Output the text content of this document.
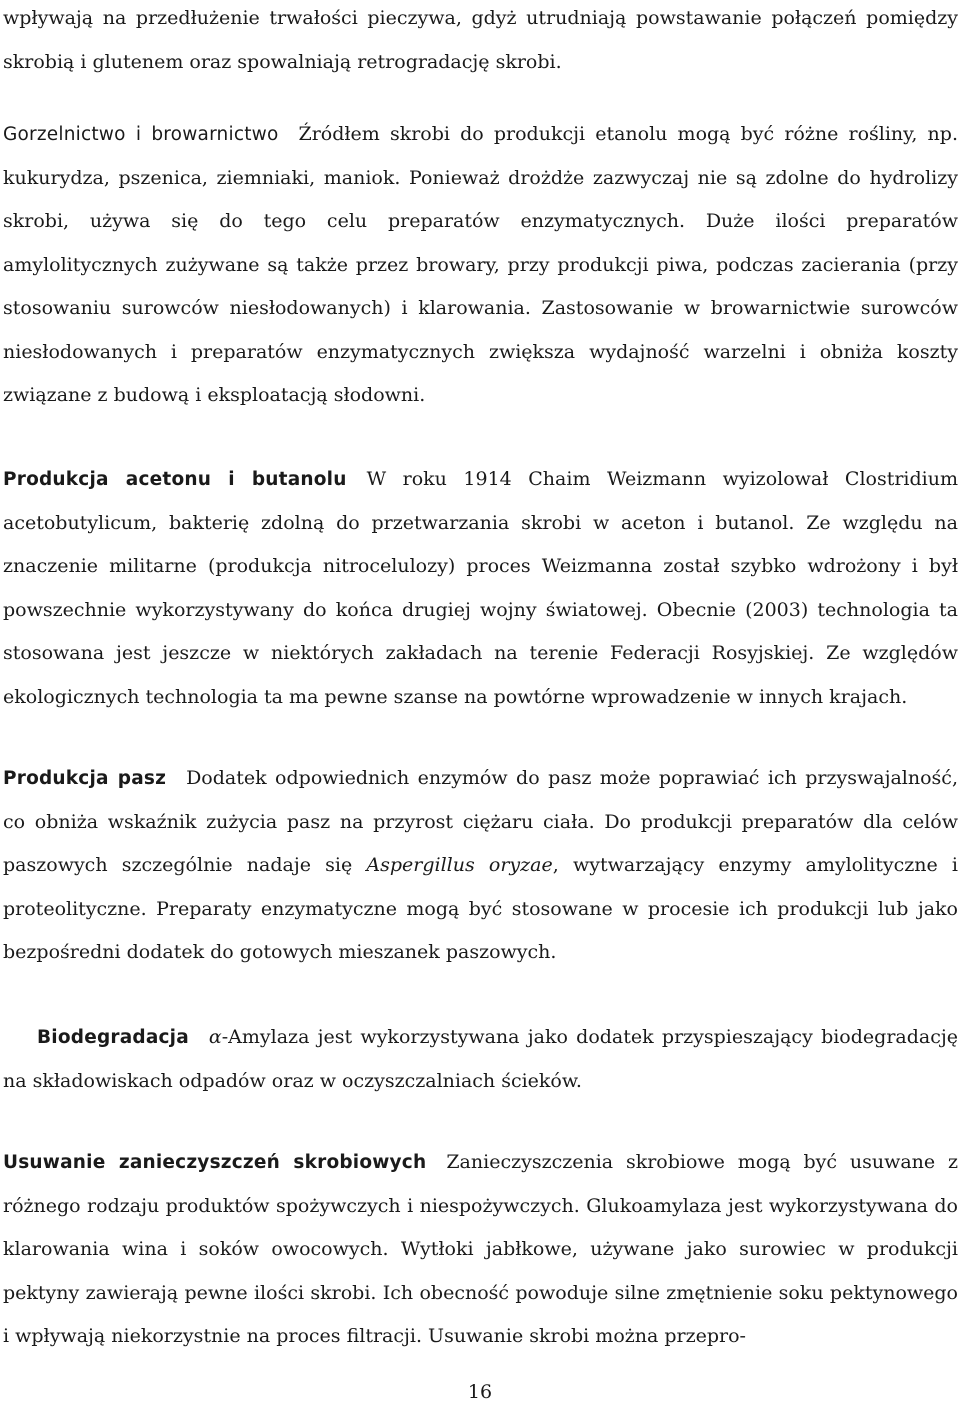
wpływają na przedłużenie trwałości pieczywa, gdyż utrudniają powstawanie połączeń pomiędzy skrobią i glutenem oraz spowalniają retrogradację skrobi.

Gorzelnictwo i browarnictwo Źródłem skrobi do produkcji etanolu mogą być różne rośliny, np. kukurydza, pszenica, ziemniaki, maniok. Ponieważ drożdże zazwyczaj nie są zdolne do hydrolizy skrobi, używa się do tego celu preparatów enzymatycznych. Duże ilości preparatów amylolitycznych zużywane są także przez browary, przy produkcji piwa, podczas zacierania (przy stosowaniu surowców niesłodowanych) i klarowania. Zastosowanie w browarnictwie surowców niesłodowanych i preparatów enzymatycznych zwiększa wydajność warzelni i obniża koszty związane z budową i eksploatacją słodowni.

Produkcja acetonu i butanolu W roku 1914 Chaim Weizmann wyizolował Clostridium acetobutylicum, bakterię zdolną do przetwarzania skrobi w aceton i butanol. Ze względu na znaczenie militarne (produkcja nitrocelulozy) proces Weizmanna został szybko wdrożony i był powszechnie wykorzystywany do końca drugiej wojny światowej. Obecnie (2003) technologia ta stosowana jest jeszcze w niektórych zakładach na terenie Federacji Rosyjskiej. Ze względów ekologicznych technologia ta ma pewne szanse na powtórne wprowadzenie w innych krajach.

Produkcja pasz Dodatek odpowiednich enzymów do pasz może poprawiać ich przyswajalność, co obniża wskaźnik zużycia pasz na przyrost ciężaru ciała. Do produkcji preparatów dla celów paszowych szczególnie nadaje się Aspergillus oryzae, wytwarzający enzymy amylolityczne i proteolityczne. Preparaty enzymatyczne mogą być stosowane w procesie ich produkcji lub jako bezpośredni dodatek do gotowych mieszanek paszowych.

Biodegradacja α-Amylaza jest wykorzystywana jako dodatek przyspieszający biodegradację na składowiskach odpadów oraz w oczyszczalniach ścieków.

Usuwanie zanieczyszczeń skrobiowych Zanieczyszczenia skrobiowe mogą być usuwane z różnego rodzaju produktów spożywczych i niespożywczych. Glukoamylaza jest wykorzystywana do klarowania wina i soków owocowych. Wytłoki jabłkowe, używane jako surowiec w produkcji pektyny zawierają pewne ilości skrobi. Ich obecność powoduje silne zmętnienie soku pektynowego i wpływają niekorzystnie na proces filtracji. Usuwanie skrobi można przepro-

16
